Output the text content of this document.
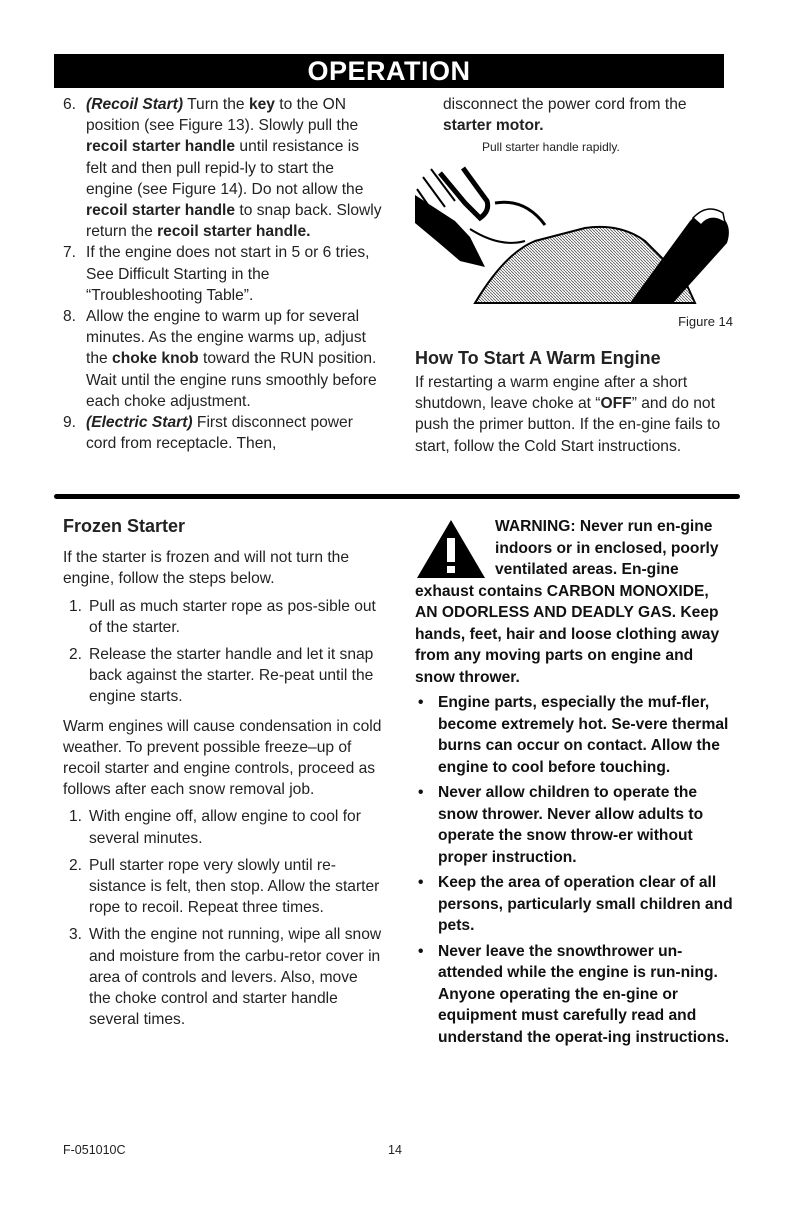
OPERATION
6. (Recoil Start) Turn the key to the ON position (see Figure 13). Slowly pull the recoil starter handle until resistance is felt and then pull repid-ly to start the engine (see Figure 14). Do not allow the recoil starter handle to snap back. Slowly return the recoil starter handle.
7. If the engine does not start in 5 or 6 tries, See Difficult Starting in the “Troubleshooting Table”.
8. Allow the engine to warm up for several minutes. As the engine warms up, adjust the choke knob toward the RUN position. Wait until the engine runs smoothly before each choke adjustment.
9. (Electric Start) First disconnect power cord from receptacle. Then,
disconnect the power cord from the
starter motor.
Pull starter handle rapidly.
Figure 14
How To Start A Warm Engine
If restarting a warm engine after a short shutdown, leave choke at “OFF” and do not push the primer button. If the en-gine fails to start, follow the Cold Start instructions.
Frozen Starter
If the starter is frozen and will not turn the engine, follow the steps below.
1. Pull as much starter rope as pos-sible out of the starter.
2. Release the starter handle and let it snap back against the starter. Re-peat until the engine starts.
Warm engines will cause condensation in cold weather. To prevent possible freeze–up of recoil starter and engine controls, proceed as follows after each snow removal job.
1. With engine off, allow engine to cool for several minutes.
2. Pull starter rope very slowly until re-sistance is felt, then stop. Allow the starter rope to recoil. Repeat three times.
3. With the engine not running, wipe all snow and moisture from the carbu-retor cover in area of controls and levers. Also, move the choke control and starter handle several times.
WARNING: Never run en-gine indoors or in enclosed, poorly ventilated areas. En-gine exhaust contains CARBON MONOXIDE, AN ODORLESS AND DEADLY GAS. Keep hands, feet, hair and loose clothing away from any moving parts on engine and snow thrower.
• Engine parts, especially the muf-fler, become extremely hot. Se-vere thermal burns can occur on contact. Allow the engine to cool before touching.
• Never allow children to operate the snow thrower. Never allow adults to operate the snow throw-er without proper instruction.
• Keep the area of operation clear of all persons, particularly small children and pets.
• Never leave the snowthrower un-attended while the engine is run-ning. Anyone operating the en-gine or equipment must carefully read and understand the operat-ing instructions.
F-051010C	14
